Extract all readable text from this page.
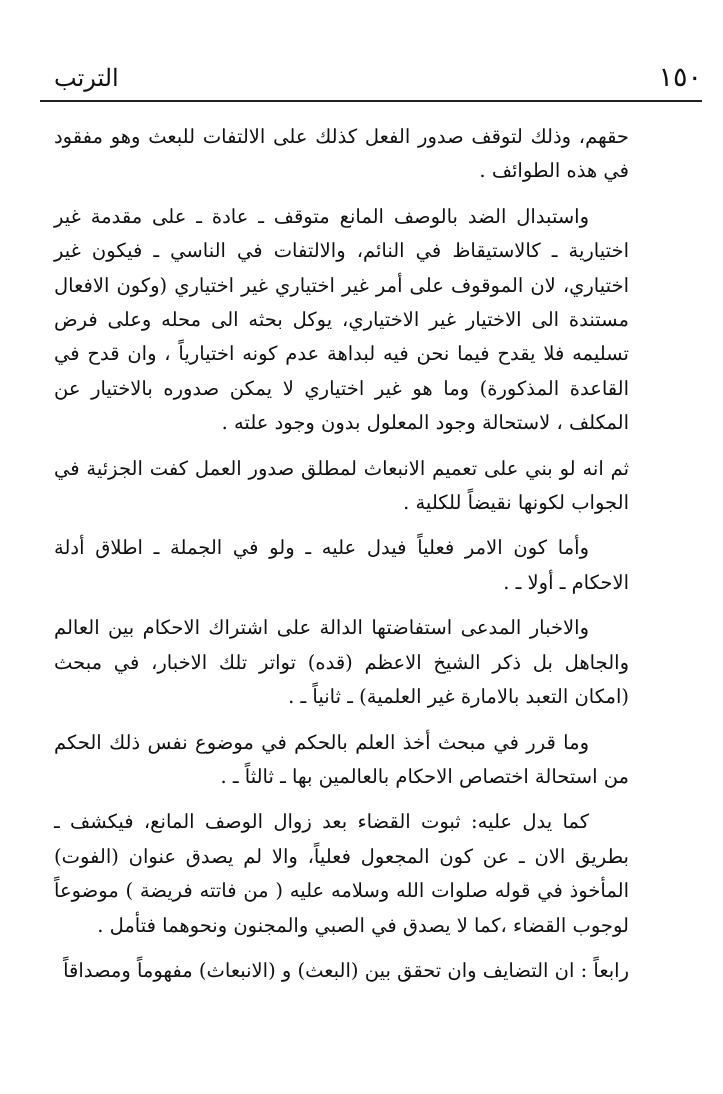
١٥٠
الترتب

حقهم، وذلك لتوقف صدور الفعل كذلك على الالتفات للبعث وهو مفقود في هذه الطوائف .

واستبدال الضد بالوصف المانع متوقف ـ عادة ـ على مقدمة غير اختيارية ـ كالاستيقاظ في النائم، والالتفات في الناسي ـ فيكون غير اختياري، لان الموقوف على أمر غير اختياري غير اختياري (وكون الافعال مستندة الى الاختيار غير الاختياري، يوكل بحثه الى محله وعلى فرض تسليمه فلا يقدح فيما نحن فيه لبداهة عدم كونه اختيارياً ، وان قدح في القاعدة المذكورة) وما هو غير اختياري لا يمكن صدوره بالاختيار عن المكلف ، لاستحالة وجود المعلول بدون وجود علته .

ثم انه لو بني على تعميم الانبعاث لمطلق صدور العمل كفت الجزئية في الجواب لكونها نقيضاً للكلية .

وأما كون الامر فعلياً فيدل عليه ـ ولو في الجملة ـ اطلاق أدلة الاحكام ـ أولا ـ .

والاخبار المدعى استفاضتها الدالة على اشتراك الاحكام بين العالم والجاهل بل ذكر الشيخ الاعظم (قده) تواتر تلك الاخبار، في مبحث (امكان التعبد بالامارة غير العلمية) ـ ثانياً ـ .

وما قرر في مبحث أخذ العلم بالحكم في موضوع نفس ذلك الحكم من استحالة اختصاص الاحكام بالعالمين بها ـ ثالثاً ـ .

كما يدل عليه: ثبوت القضاء بعد زوال الوصف المانع، فيكشف ـ بطريق الان ـ عن كون المجعول فعلياً، والا لم يصدق عنوان (الفوت) المأخوذ في قوله صلوات الله وسلامه عليه ( من فاتته فريضة ) موضوعاً لوجوب القضاء ،كما لا يصدق في الصبي والمجنون ونحوهما فتأمل .

رابعاً : ان التضايف وان تحقق بين (البعث) و (الانبعاث) مفهوماً ومصداقاً
